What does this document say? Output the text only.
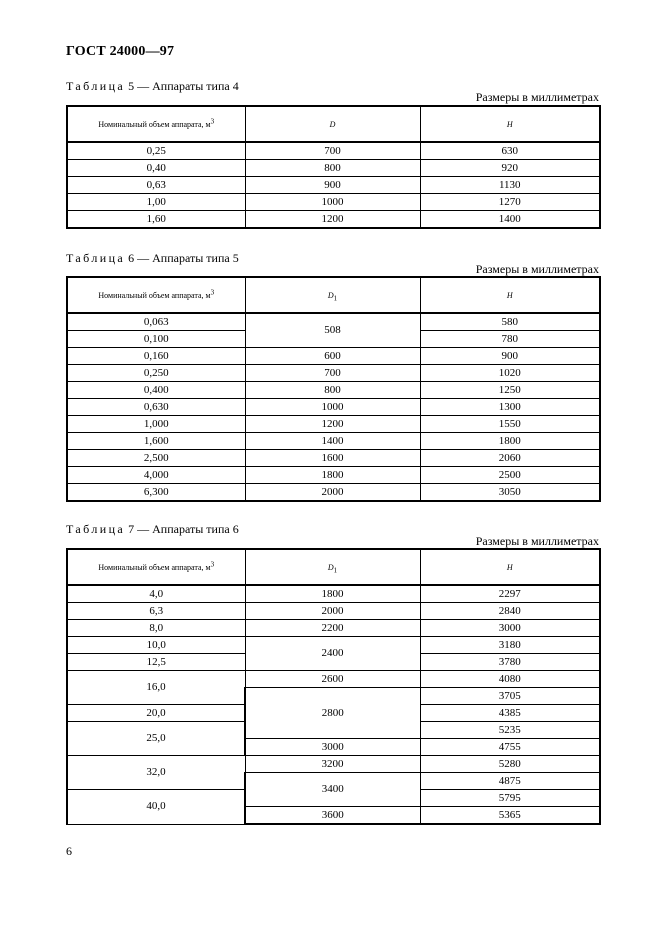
ГОСТ 24000—97
Таблица 5 — Аппараты типа 4
Размеры в миллиметрах
Номинальный объем аппарата, $м^3$	D	H
0,25	700	630
0,40	800	920
0,63	900	1130
1,00	1000	1270
1,60	1200	1400
Таблица 6 — Аппараты типа 5
Размеры в миллиметрах
Номинальный объем аппарата, $м^3$	$D_1$	H
0,063	508	580
0,100		780
0,160	600	900
0,250	700	1020
0,400	800	1250
0,630	1000	1300
1,000	1200	1550
1,600	1400	1800
2,500	1600	2060
4,000	1800	2500
6,300	2000	3050
Таблица 7 — Аппараты типа 6
Размеры в миллиметрах
Номинальный объем аппарата, $м^3$	$D_1$	H
4,0	1800	2297
6,3	2000	2840
8,0	2200	3000
10,0	2400	3180
12,5		3780
16,0	2600	4080
	2800	3705
20,0		4385
25,0		5235
	3000	4755
32,0	3200	5280
	3400	4875
40,0		5795
	3600	5365
6
